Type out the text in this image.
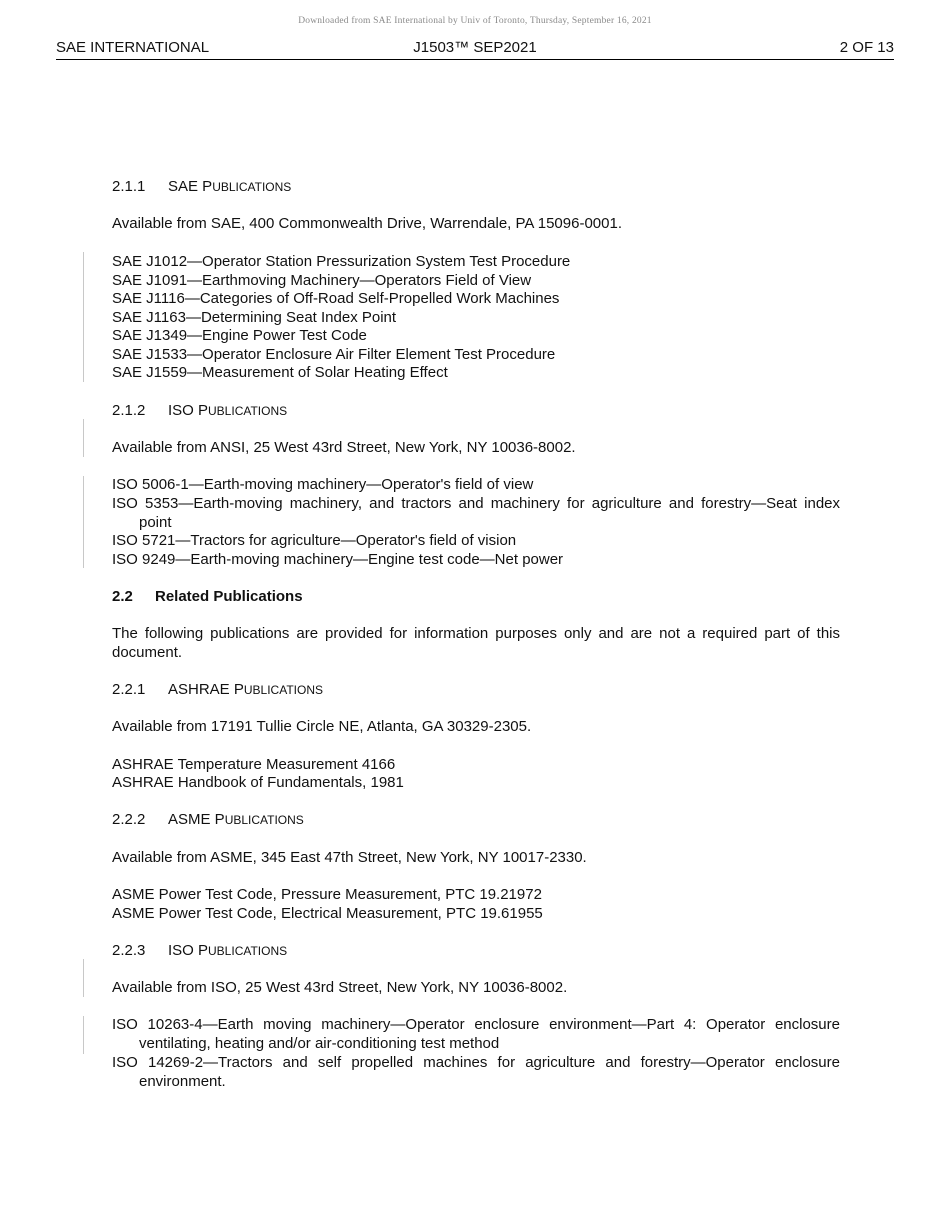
Downloaded from SAE International by Univ of Toronto, Thursday, September 16, 2021
SAE INTERNATIONAL	J1503™ SEP2021	2 OF 13
2.1.1 SAE PUBLICATIONS
Available from SAE, 400 Commonwealth Drive, Warrendale, PA 15096-0001.
SAE J1012—Operator Station Pressurization System Test Procedure
SAE J1091—Earthmoving Machinery—Operators Field of View
SAE J1116—Categories of Off-Road Self-Propelled Work Machines
SAE J1163—Determining Seat Index Point
SAE J1349—Engine Power Test Code
SAE J1533—Operator Enclosure Air Filter Element Test Procedure
SAE J1559—Measurement of Solar Heating Effect
2.1.2 ISO PUBLICATIONS
Available from ANSI, 25 West 43rd Street, New York, NY 10036-8002.
ISO 5006-1—Earth-moving machinery—Operator's field of view
ISO 5353—Earth-moving machinery, and tractors and machinery for agriculture and forestry—Seat index point
ISO 5721—Tractors for agriculture—Operator's field of vision
ISO 9249—Earth-moving machinery—Engine test code—Net power
2.2 Related Publications
The following publications are provided for information purposes only and are not a required part of this document.
2.2.1 ASHRAE PUBLICATIONS
Available from 17191 Tullie Circle NE, Atlanta, GA 30329-2305.
ASHRAE Temperature Measurement 4166
ASHRAE Handbook of Fundamentals, 1981
2.2.2 ASME PUBLICATIONS
Available from ASME, 345 East 47th Street, New York, NY 10017-2330.
ASME Power Test Code, Pressure Measurement, PTC 19.21972
ASME Power Test Code, Electrical Measurement, PTC 19.61955
2.2.3 ISO PUBLICATIONS
Available from ISO, 25 West 43rd Street, New York, NY 10036-8002.
ISO 10263-4—Earth moving machinery—Operator enclosure environment—Part 4: Operator enclosure ventilating, heating and/or air-conditioning test method
ISO 14269-2—Tractors and self propelled machines for agriculture and forestry—Operator enclosure environment.
